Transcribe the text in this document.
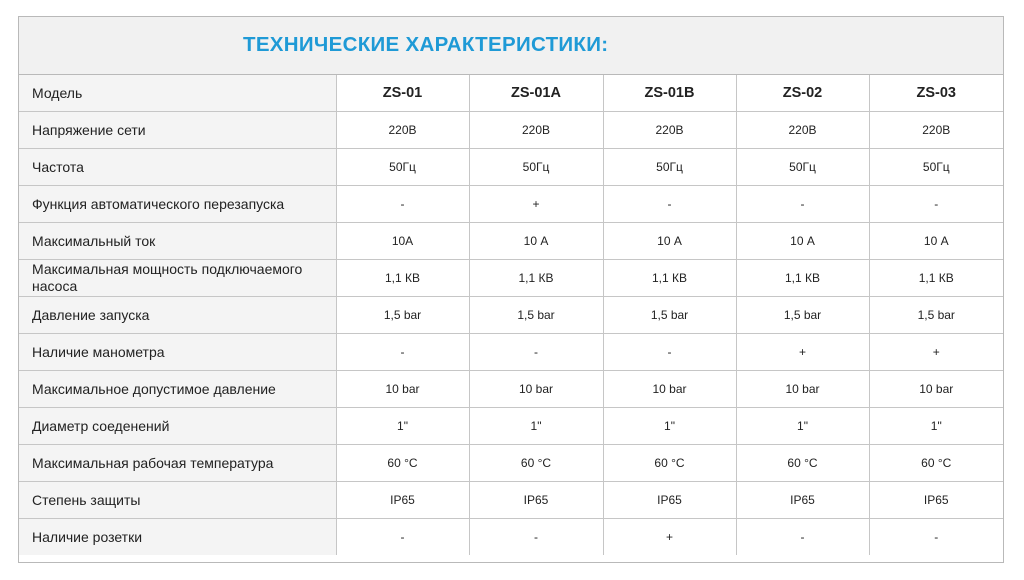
ТЕХНИЧЕСКИЕ ХАРАКТЕРИСТИКИ:
Модель	ZS-01	ZS-01A	ZS-01B	ZS-02	ZS-03
Напряжение сети	220В	220В	220В	220В	220В
Частота	50Гц	50Гц	50Гц	50Гц	50Гц
Функция автоматического перезапуска	-	+	-	-	-
Максимальный ток	10А	10 А	10 А	10 А	10 А
Максимальная мощность подключаемого насоса	1,1 КВ	1,1 КВ	1,1 КВ	1,1 КВ	1,1 КВ
Давление запуска	1,5 bar	1,5 bar	1,5 bar	1,5 bar	1,5 bar
Наличие манометра	-	-	-	+	+
Максимальное допустимое давление	10 bar	10 bar	10 bar	10 bar	10 bar
Диаметр соеденений	1"	1"	1"	1"	1"
Максимальная рабочая температура	60 °C	60 °C	60 °C	60 °C	60 °C
Степень защиты	IP65	IP65	IP65	IP65	IP65
Наличие розетки	-	-	+	-	-
